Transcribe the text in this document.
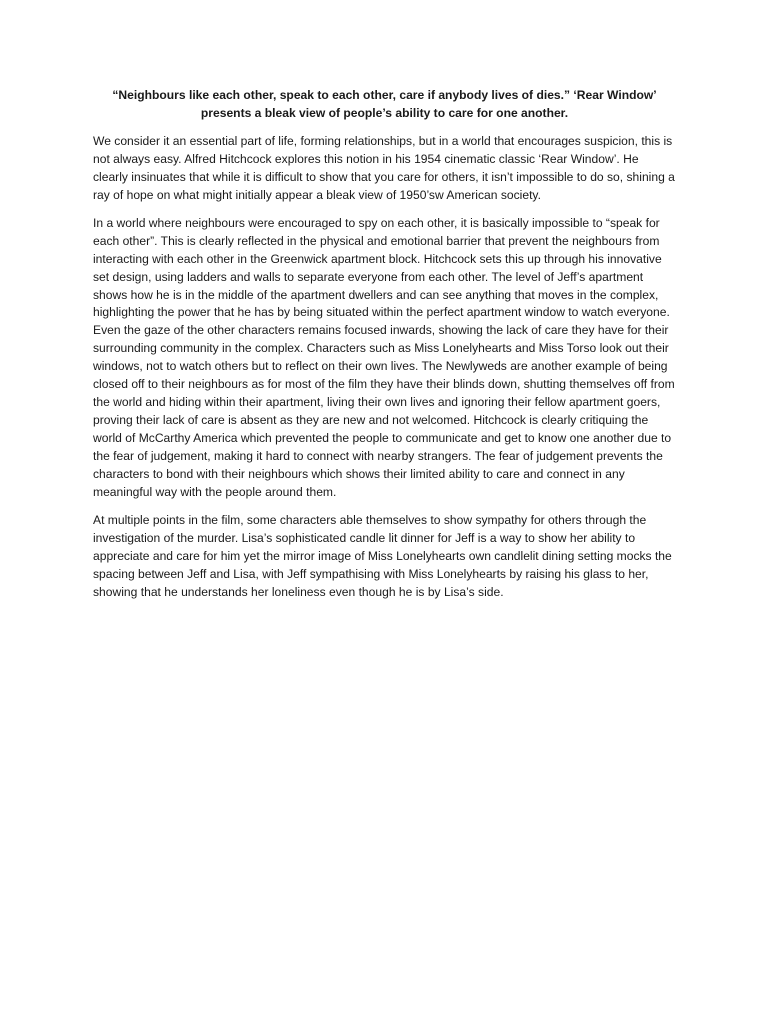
“Neighbours like each other, speak to each other, care if anybody lives of dies.” ‘Rear Window’ presents a bleak view of people’s ability to care for one another.

We consider it an essential part of life, forming relationships, but in a world that encourages suspicion, this is not always easy. Alfred Hitchcock explores this notion in his 1954 cinematic classic ‘Rear Window’. He clearly insinuates that while it is difficult to show that you care for others, it isn’t impossible to do so, shining a ray of hope on what might initially appear a bleak view of 1950’sw American society.

In a world where neighbours were encouraged to spy on each other, it is basically impossible to “speak for each other”. This is clearly reflected in the physical and emotional barrier that prevent the neighbours from interacting with each other in the Greenwick apartment block. Hitchcock sets this up through his innovative set design, using ladders and walls to separate everyone from each other. The level of Jeff’s apartment shows how he is in the middle of the apartment dwellers and can see anything that moves in the complex, highlighting the power that he has by being situated within the perfect apartment window to watch everyone. Even the gaze of the other characters remains focused inwards, showing the lack of care they have for their surrounding community in the complex. Characters such as Miss Lonelyhearts and Miss Torso look out their windows, not to watch others but to reflect on their own lives. The Newlyweds are another example of being closed off to their neighbours as for most of the film they have their blinds down, shutting themselves off from the world and hiding within their apartment, living their own lives and ignoring their fellow apartment goers, proving their lack of care is absent as they are new and not welcomed. Hitchcock is clearly critiquing the world of McCarthy America which prevented the people to communicate and get to know one another due to the fear of judgement, making it hard to connect with nearby strangers. The fear of judgement prevents the characters to bond with their neighbours which shows their limited ability to care and connect in any meaningful way with the people around them.

At multiple points in the film, some characters able themselves to show sympathy for others through the investigation of the murder. Lisa’s sophisticated candle lit dinner for Jeff is a way to show her ability to appreciate and care for him yet the mirror image of Miss Lonelyhearts own candlelit dining setting mocks the spacing between Jeff and Lisa, with Jeff sympathising with Miss Lonelyhearts by raising his glass to her, showing that he understands her loneliness even though he is by Lisa’s side.
